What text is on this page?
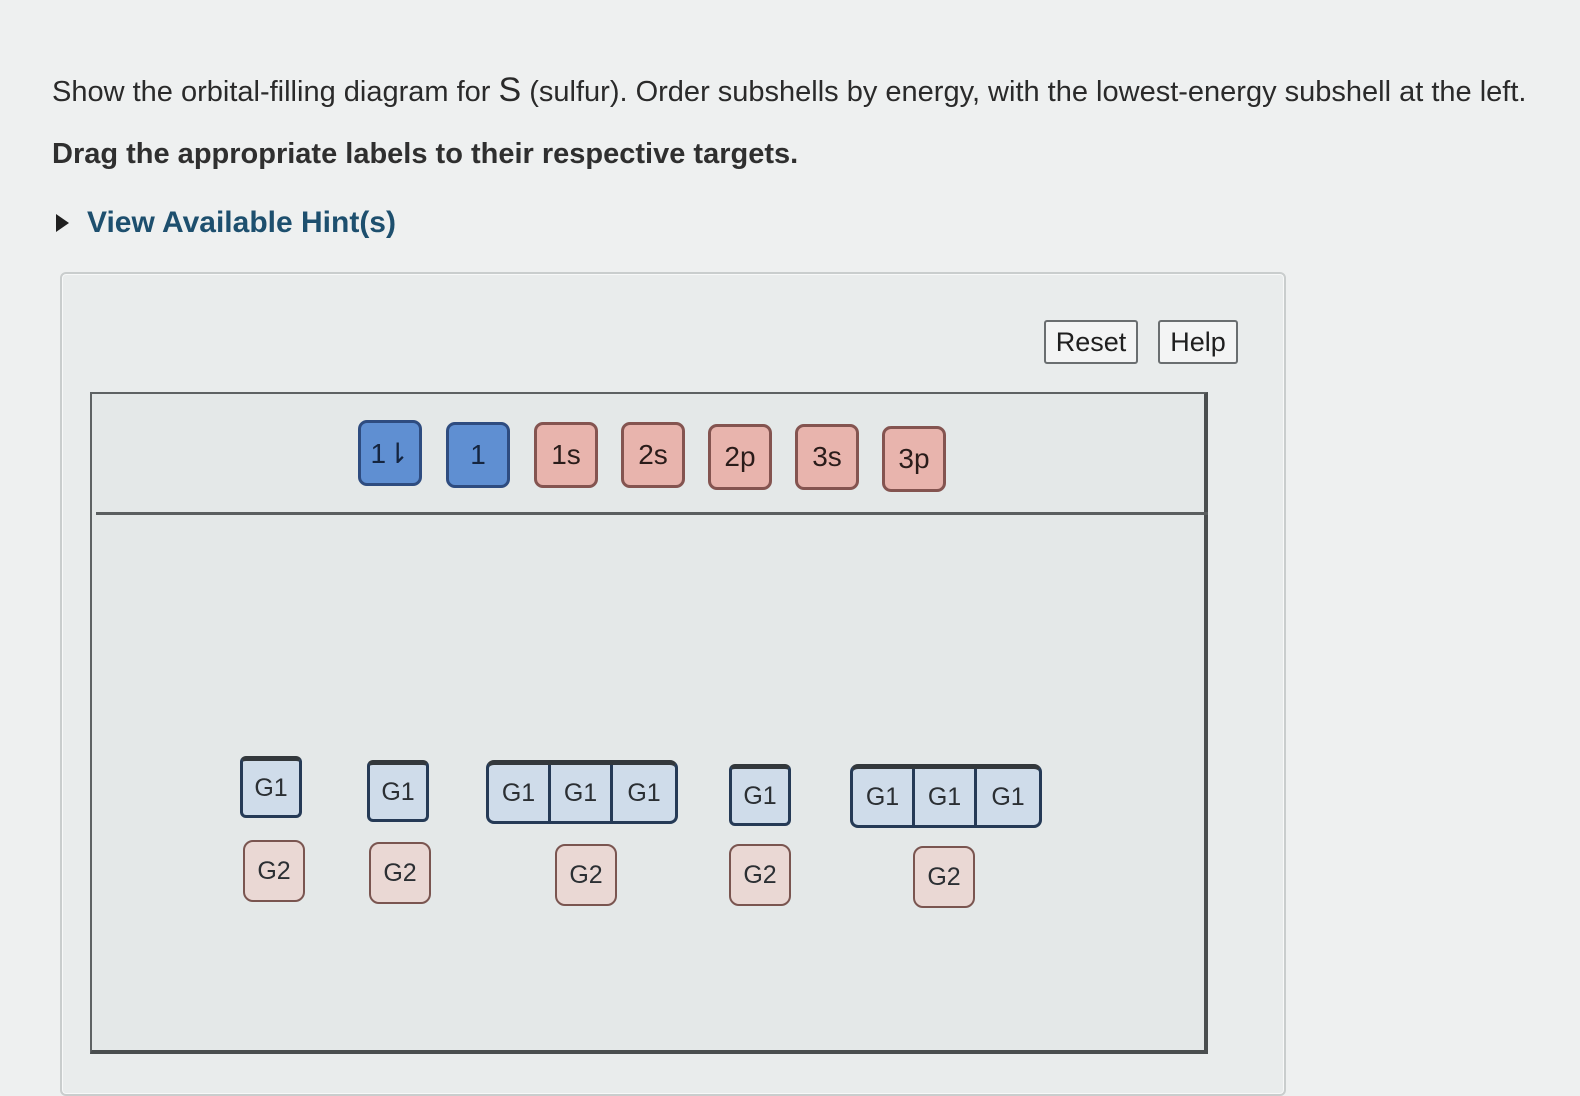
Show the orbital-filling diagram for S (sulfur). Order subshells by energy, with the lowest-energy subshell at the left.
Drag the appropriate labels to their respective targets.
View Available Hint(s)
Reset	Help
1⇂	1	1s	2s	2p	3s	3p
G1
G2
G1
G2
G1	G1	G1
G2
G1
G2
G1	G1	G1
G2
